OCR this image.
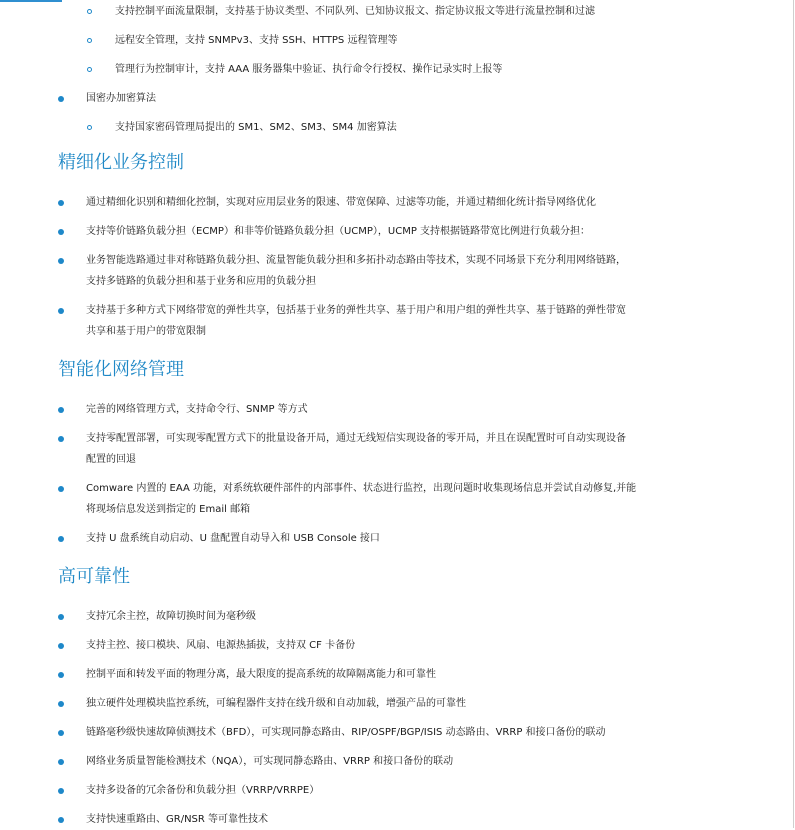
支持控制平面流量限制，支持基于协议类型、不同队列、已知协议报文、指定协议报文等进行流量控制和过滤
远程安全管理，支持 SNMPv3、支持 SSH、HTTPS 远程管理等
管理行为控制审计，支持 AAA 服务器集中验证、执行命令行授权、操作记录实时上报等
国密办加密算法
支持国家密码管理局提出的 SM1、SM2、SM3、SM4 加密算法
精细化业务控制
通过精细化识别和精细化控制，实现对应用层业务的限速、带宽保障、过滤等功能，并通过精细化统计指导网络优化
支持等价链路负载分担（ECMP）和非等价链路负载分担（UCMP），UCMP 支持根据链路带宽比例进行负载分担：
业务智能选路通过非对称链路负载分担、流量智能负载分担和多拓扑动态路由等技术，实现不同场景下充分利用网络链路，
支持多链路的负载分担和基于业务和应用的负载分担
支持基于多种方式下网络带宽的弹性共享，包括基于业务的弹性共享、基于用户和用户组的弹性共享、基于链路的弹性带宽
共享和基于用户的带宽限制
智能化网络管理
完善的网络管理方式，支持命令行、SNMP 等方式
支持零配置部署，可实现零配置方式下的批量设备开局，通过无线短信实现设备的零开局，并且在误配置时可自动实现设备
配置的回退
Comware 内置的 EAA 功能，对系统软硬件部件的内部事件、状态进行监控，出现问题时收集现场信息并尝试自动修复,并能
将现场信息发送到指定的 Email 邮箱
支持 U 盘系统自动启动、U 盘配置自动导入和 USB Console 接口
高可靠性
支持冗余主控，故障切换时间为毫秒级
支持主控、接口模块、风扇、电源热插拔，支持双 CF 卡备份
控制平面和转发平面的物理分离，最大限度的提高系统的故障隔离能力和可靠性
独立硬件处理模块监控系统，可编程器件支持在线升级和自动加载，增强产品的可靠性
链路毫秒级快速故障侦测技术（BFD），可实现同静态路由、RIP/OSPF/BGP/ISIS 动态路由、VRRP 和接口备份的联动
网络业务质量智能检测技术（NQA），可实现同静态路由、VRRP 和接口备份的联动
支持多设备的冗余备份和负载分担（VRRP/VRRPE）
支持快速重路由、GR/NSR 等可靠性技术
